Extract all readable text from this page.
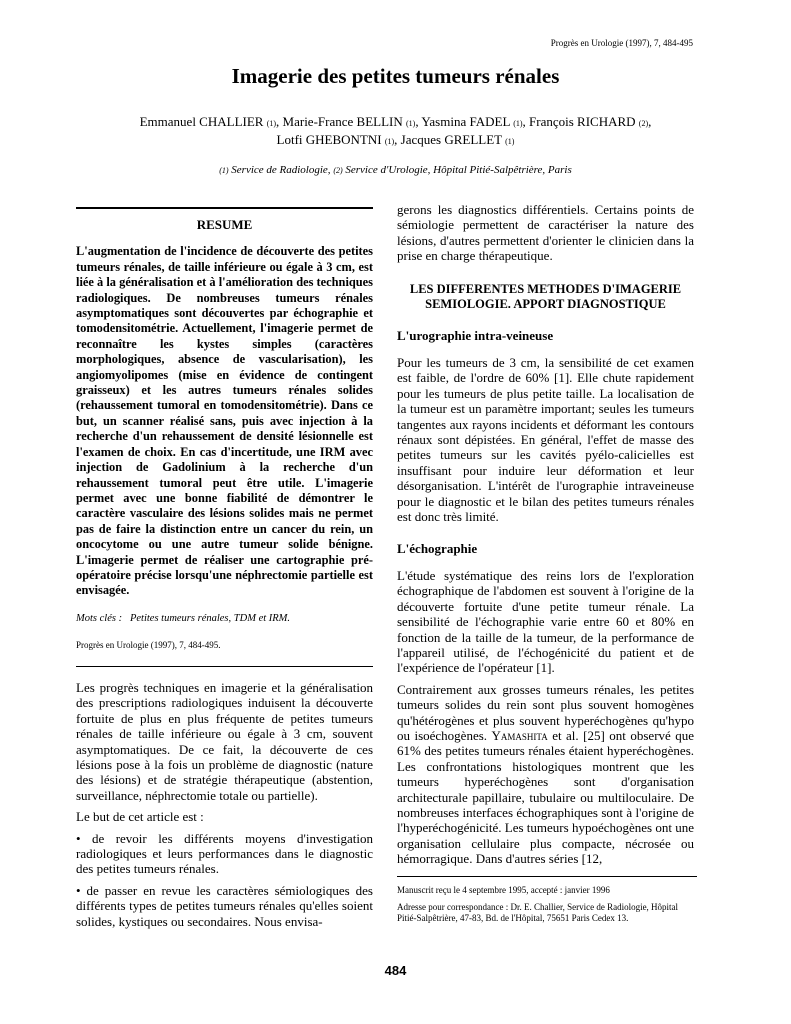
Progrès en Urologie (1997), 7, 484-495
Imagerie des petites tumeurs rénales
Emmanuel CHALLIER (1), Marie-France BELLIN (1), Yasmina FADEL (1), François RICHARD (2),
Lotfi GHEBONTNI (1), Jacques GRELLET (1)
(1) Service de Radiologie, (2) Service d'Urologie, Hôpital Pitié-Salpêtrière, Paris
RESUME

L'augmentation de l'incidence de découverte des petites tumeurs rénales, de taille inférieure ou égale à 3 cm, est liée à la généralisation et à l'amélioration des techniques radiologiques. De nombreuses tumeurs rénales asymptomatiques sont découvertes par échographie et tomodensitométrie. Actuellement, l'imagerie permet de reconnaître les kystes simples (caractères morphologiques, absence de vascularisation), les angiomyolipomes (mise en évidence de contingent graisseux) et les autres tumeurs rénales solides (rehaussement tumoral en tomodensitométrie). Dans ce but, un scanner réalisé sans, puis avec injection à la recherche d'un rehaussement de densité lésionnelle est l'examen de choix. En cas d'incertitude, une IRM avec injection de Gadolinium à la recherche d'un rehaussement tumoral peut être utile. L'imagerie permet avec une bonne fiabilité de démontrer le caractère vasculaire des lésions solides mais ne permet pas de faire la distinction entre un cancer du rein, un oncocytome ou une autre tumeur solide bénigne. L'imagerie permet de réaliser une cartographie pré-opératoire précise lorsqu'une néphrectomie partielle est envisagée.

Mots clés : Petites tumeurs rénales, TDM et IRM.
Progrès en Urologie (1997), 7, 484-495.

Les progrès techniques en imagerie et la généralisation des prescriptions radiologiques induisent la découverte fortuite de plus en plus fréquente de petites tumeurs rénales de taille inférieure ou égale à 3 cm, souvent asymptomatiques. De ce fait, la découverte de ces lésions pose à la fois un problème de diagnostic (nature des lésions) et de stratégie thérapeutique (abstention, surveillance, néphrectomie totale ou partielle).

Le but de cet article est :

• de revoir les différents moyens d'investigation radiologiques et leurs performances dans le diagnostic des petites tumeurs rénales.

• de passer en revue les caractères sémiologiques des différents types de petites tumeurs rénales qu'elles soient solides, kystiques ou secondaires. Nous envisa-

gerons les diagnostics différentiels. Certains points de sémiologie permettent de caractériser la nature des lésions, d'autres permettent d'orienter le clinicien dans la prise en charge thérapeutique.

LES DIFFERENTES METHODES D'IMAGERIE SEMIOLOGIE. APPORT DIAGNOSTIQUE
L'urographie intra-veineuse

Pour les tumeurs de 3 cm, la sensibilité de cet examen est faible, de l'ordre de 60% [1]. Elle chute rapidement pour les tumeurs de plus petite taille. La localisation de la tumeur est un paramètre important; seules les tumeurs tangentes aux rayons incidents et déformant les contours rénaux sont dépistées. En général, l'effet de masse des petites tumeurs sur les cavités pyélo-calicielles est insuffisant pour induire leur déformation et leur désorganisation. L'intérêt de l'urographie intraveineuse pour le diagnostic et le bilan des petites tumeurs rénales est donc très limité.

L'échographie

L'étude systématique des reins lors de l'exploration échographique de l'abdomen est souvent à l'origine de la découverte fortuite d'une petite tumeur rénale. La sensibilité de l'échographie varie entre 60 et 80% en fonction de la taille de la tumeur, de la performance de l'appareil utilisé, de l'échogénicité du patient et de l'expérience de l'opérateur [1].

Contrairement aux grosses tumeurs rénales, les petites tumeurs solides du rein sont plus souvent homogènes qu'hétérogènes et plus souvent hyperéchogènes qu'hypo ou isoéchogènes. Yamashita et al. [25] ont observé que 61% des petites tumeurs rénales étaient hyperéchogènes. Les confrontations histologiques montrent que les tumeurs hyperéchogènes sont d'organisation architecturale papillaire, tubulaire ou multiloculaire. De nombreuses interfaces échographiques sont à l'origine de l'hyperéchogénicité. Les tumeurs hypoéchogènes ont une organisation cellulaire plus compacte, nécrosée ou hémorragique. Dans d'autres séries [12,

Manuscrit reçu le 4 septembre 1995, accepté : janvier 1996

Adresse pour correspondance : Dr. E. Challier, Service de Radiologie, Hôpital Pitié-Salpêtrière, 47-83, Bd. de l'Hôpital, 75651 Paris Cedex 13.

484
